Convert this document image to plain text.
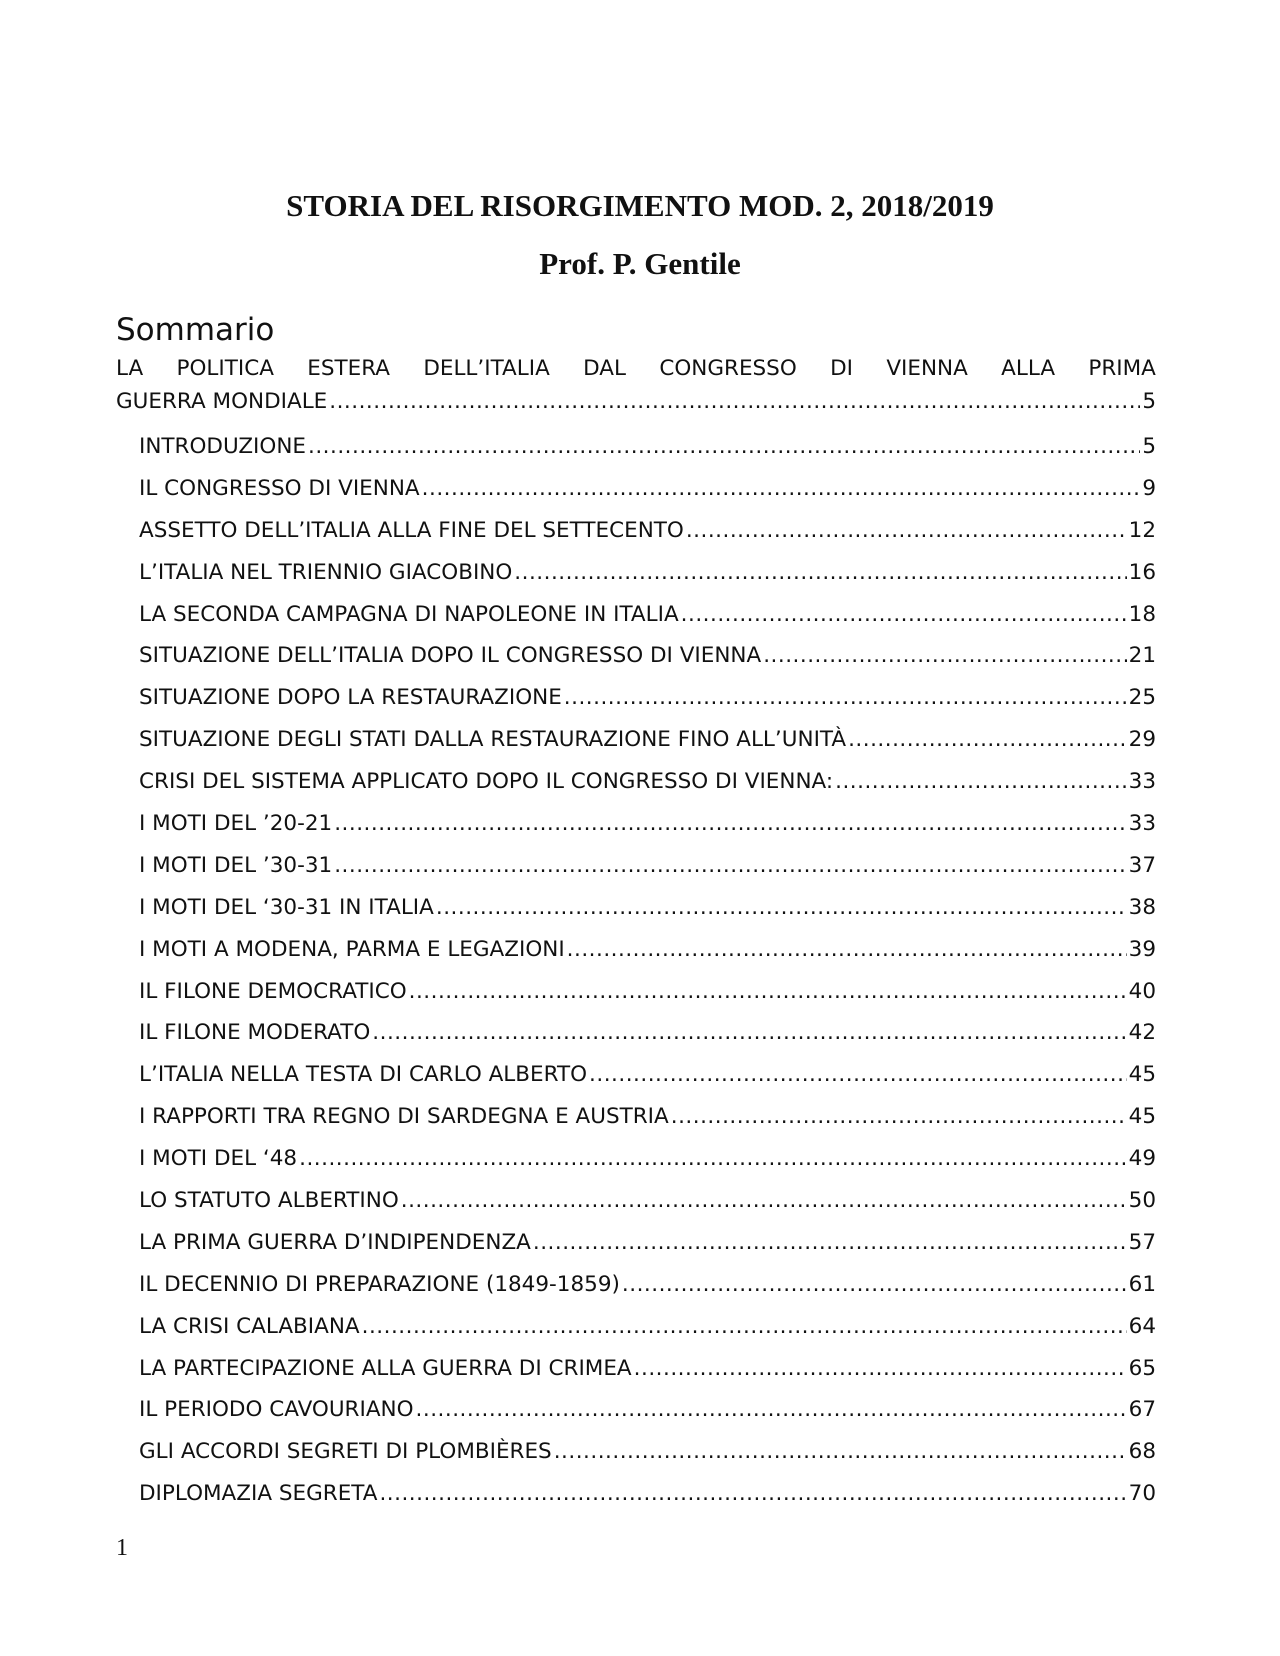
STORIA DEL RISORGIMENTO MOD. 2, 2018/2019
Prof. P. Gentile
Sommario
LA POLITICA ESTERA DELL’ITALIA DAL CONGRESSO DI VIENNA ALLA PRIMA
GUERRA MONDIALE .....	5
INTRODUZIONE .....	5
IL CONGRESSO DI VIENNA .....	9
ASSETTO DELL’ITALIA ALLA FINE DEL SETTECENTO .....	12
L’ITALIA NEL TRIENNIO GIACOBINO .....	16
LA SECONDA CAMPAGNA DI NAPOLEONE IN ITALIA .....	18
SITUAZIONE DELL’ITALIA DOPO IL CONGRESSO DI VIENNA .....	21
SITUAZIONE DOPO LA RESTAURAZIONE .....	25
SITUAZIONE DEGLI STATI DALLA RESTAURAZIONE FINO ALL’UNITÀ .....	29
CRISI DEL SISTEMA APPLICATO DOPO IL CONGRESSO DI VIENNA: .....	33
I MOTI DEL ’20-21 .....	33
I MOTI DEL ’30-31 .....	37
I MOTI DEL ‘30-31 IN ITALIA .....	38
I MOTI A MODENA, PARMA E LEGAZIONI .....	39
IL FILONE DEMOCRATICO .....	40
IL FILONE MODERATO .....	42
L’ITALIA NELLA TESTA DI CARLO ALBERTO .....	45
I RAPPORTI TRA REGNO DI SARDEGNA E AUSTRIA .....	45
I MOTI DEL ‘48 .....	49
LO STATUTO ALBERTINO .....	50
LA PRIMA GUERRA D’INDIPENDENZA .....	57
IL DECENNIO DI PREPARAZIONE (1849-1859) .....	61
LA CRISI CALABIANA .....	64
LA PARTECIPAZIONE ALLA GUERRA DI CRIMEA .....	65
IL PERIODO CAVOURIANO .....	67
GLI ACCORDI SEGRETI DI PLOMBIÈRES .....	68
DIPLOMAZIA SEGRETA .....	70
1
